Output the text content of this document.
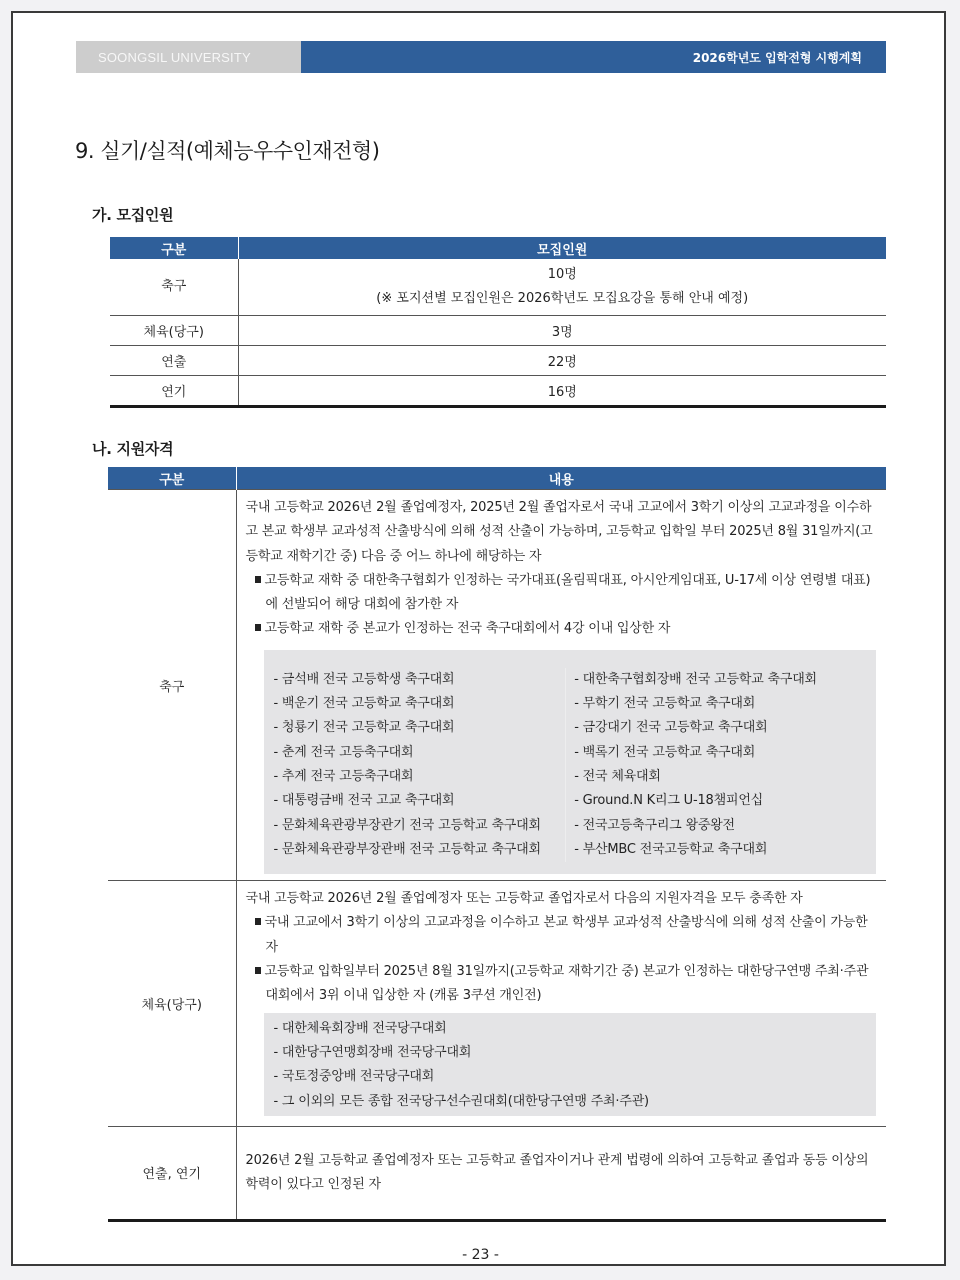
SOONGSIL UNIVERSITY	2026학년도 입학전형 시행계획
9. 실기/실적(예체능우수인재전형)
가. 모집인원
구분	모집인원
축구	10명
(※ 포지션별 모집인원은 2026학년도 모집요강을 통해 안내 예정)

체육(당구)	3명
연출	22명
연기	16명
나. 지원자격
구분	내용
축구	
국내 고등학교 2026년 2월 졸업예정자, 2025년 2월 졸업자로서 국내 고교에서 3학기 이상의 고교과정을 이수하고 본교 학생부 교과성적 산출방식에 의해 성적 산출이 가능하며, 고등학교 입학일 부터 2025년 8월 31일까지(고등학교 재학기간 중) 다음 중 어느 하나에 해당하는 자
고등학교 재학 중 대한축구협회가 인정하는 국가대표(올림픽대표, 아시안게임대표, U-17세 이상 연령별 대표)에 선발되어 해당 대회에 참가한 자
고등학교 재학 중 본교가 인정하는 전국 축구대회에서 4강 이내 입상한 자
- 금석배 전국 고등학생 축구대회
- 백운기 전국 고등학교 축구대회
- 청룡기 전국 고등학교 축구대회
- 춘계 전국 고등축구대회
- 추계 전국 고등축구대회
- 대통령금배 전국 고교 축구대회
- 문화체육관광부장관기 전국 고등학교 축구대회
- 문화체육관광부장관배 전국 고등학교 축구대회
- 대한축구협회장배 전국 고등학교 축구대회
- 무학기 전국 고등학교 축구대회
- 금강대기 전국 고등학교 축구대회
- 백록기 전국 고등학교 축구대회
- 전국 체육대회
- Ground.N K리그 U-18챔피언십
- 전국고등축구리그 왕중왕전
- 부산MBC 전국고등학교 축구대회

체육(당구)	
국내 고등학교 2026년 2월 졸업예정자 또는 고등학교 졸업자로서 다음의 지원자격을 모두 충족한 자
국내 고교에서 3학기 이상의 고교과정을 이수하고 본교 학생부 교과성적 산출방식에 의해 성적 산출이 가능한 자
고등학교 입학일부터 2025년 8월 31일까지(고등학교 재학기간 중) 본교가 인정하는 대한당구연맹 주최·주관 대회에서 3위 이내 입상한 자 (캐롬 3쿠션 개인전)
- 대한체육회장배 전국당구대회
- 대한당구연맹회장배 전국당구대회
- 국토정중앙배 전국당구대회
- 그 이외의 모든 종합 전국당구선수권대회(대한당구연맹 주최·주관)

연출, 연기	2026년 2월 고등학교 졸업예정자 또는 고등학교 졸업자이거나 관계 법령에 의하여 고등학교 졸업과 동등 이상의 학력이 있다고 인정된 자
- 23 -
